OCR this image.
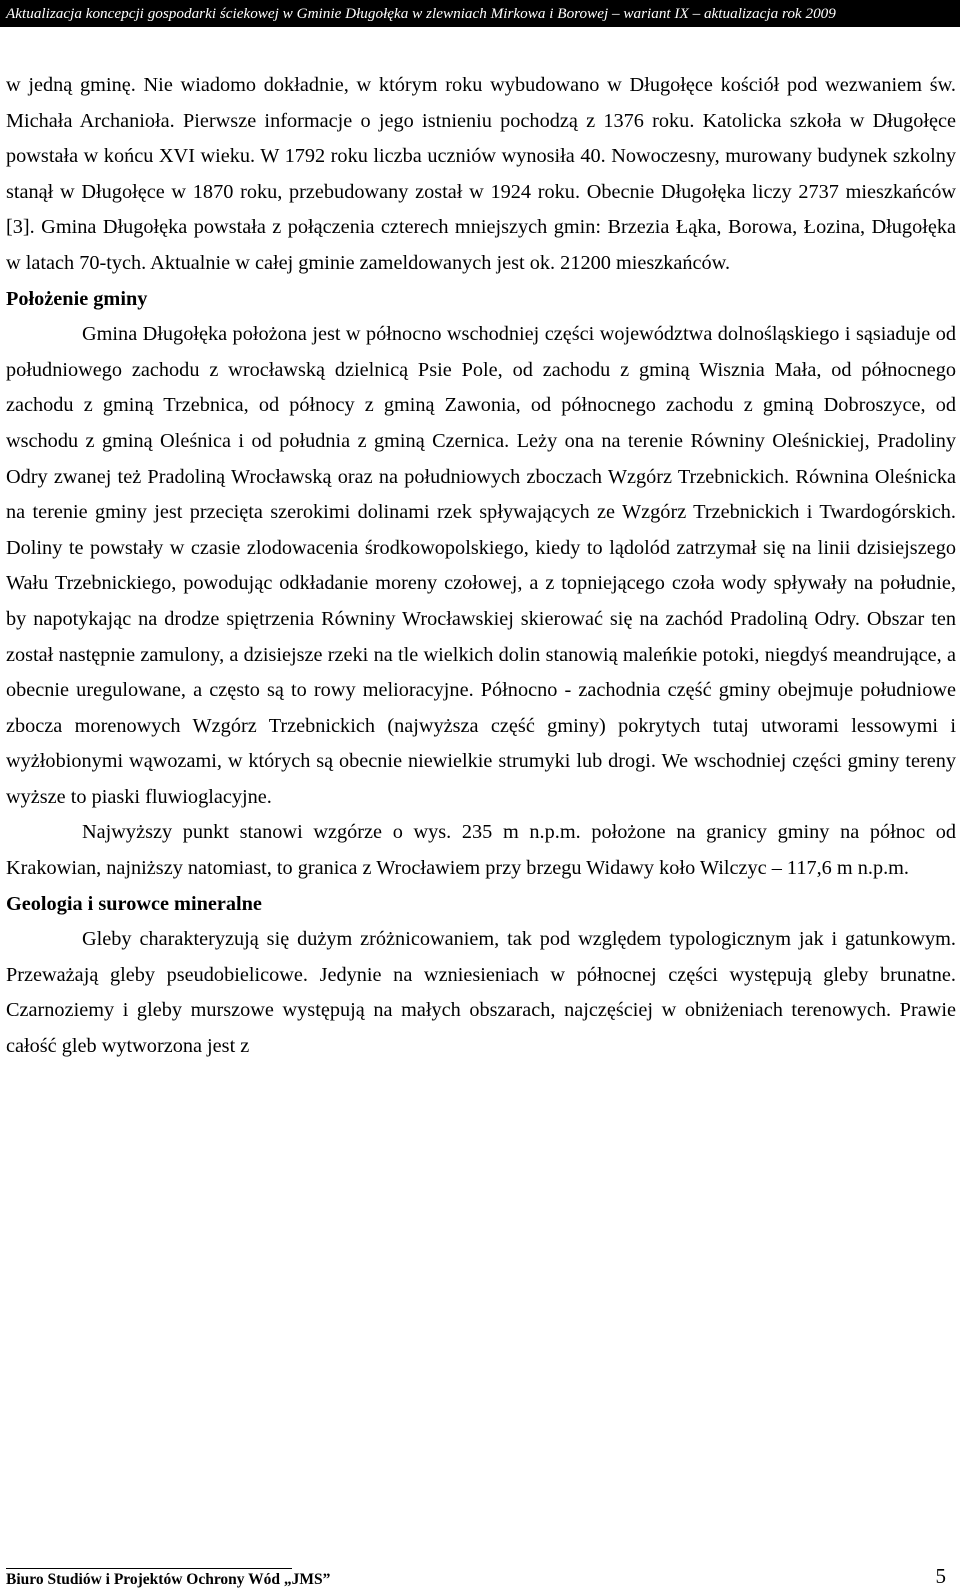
Aktualizacja koncepcji gospodarki ściekowej w Gminie Długołęka w zlewniach Mirkowa i Borowej – wariant IX – aktualizacja rok 2009

w jedną gminę. Nie wiadomo dokładnie, w którym roku wybudowano w Długołęce kościół pod wezwaniem św. Michała Archanioła. Pierwsze informacje o jego istnieniu pochodzą z 1376 roku. Katolicka szkoła w Długołęce powstała w końcu XVI wieku. W 1792 roku liczba uczniów wynosiła 40. Nowoczesny, murowany budynek szkolny stanął w Długołęce w 1870 roku, przebudowany został w 1924 roku. Obecnie Długołęka liczy 2737 mieszkańców [3]. Gmina Długołęka powstała z połączenia czterech mniejszych gmin: Brzezia Łąka, Borowa, Łozina, Długołęka w latach 70-tych. Aktualnie w całej gminie zameldowanych jest ok. 21200 mieszkańców.

Położenie gminy

Gmina Długołęka położona jest w północno wschodniej części województwa dolnośląskiego i sąsiaduje od południowego zachodu z wrocławską dzielnicą Psie Pole, od zachodu z gminą Wisznia Mała, od północnego zachodu z gminą Trzebnica, od północy z gminą Zawonia, od północnego zachodu z gminą Dobroszyce, od wschodu z gminą Oleśnica i od południa z gminą Czernica. Leży ona na terenie Równiny Oleśnickiej, Pradoliny Odry zwanej też Pradoliną Wrocławską oraz na południowych zboczach Wzgórz Trzebnickich. Równina Oleśnicka na terenie gminy jest przecięta szerokimi dolinami rzek spływających ze Wzgórz Trzebnickich i Twardogórskich. Doliny te powstały w czasie zlodowacenia środkowopolskiego, kiedy to lądolód zatrzymał się na linii dzisiejszego Wału Trzebnickiego, powodując odkładanie moreny czołowej, a z topniejącego czoła wody spływały na południe, by napotykając na drodze spiętrzenia Równiny Wrocławskiej skierować się na zachód Pradoliną Odry. Obszar ten został następnie zamulony, a dzisiejsze rzeki na tle wielkich dolin stanowią maleńkie potoki, niegdyś meandrujące, a obecnie uregulowane, a często są to rowy melioracyjne. Północno - zachodnia część gminy obejmuje południowe zbocza morenowych Wzgórz Trzebnickich (najwyższa część gminy) pokrytych tutaj utworami lessowymi i wyżłobionymi wąwozami, w których są obecnie niewielkie strumyki lub drogi. We wschodniej części gminy tereny wyższe to piaski fluwioglacyjne.

Najwyższy punkt stanowi wzgórze o wys. 235 m n.p.m. położone na granicy gminy na północ od Krakowian, najniższy natomiast, to granica z Wrocławiem przy brzegu Widawy koło Wilczyc – 117,6 m n.p.m.

Geologia i surowce mineralne

Gleby charakteryzują się dużym zróżnicowaniem, tak pod względem typologicznym jak i gatunkowym. Przeważają gleby pseudobielicowe. Jedynie na wzniesieniach w północnej części występują gleby brunatne. Czarnoziemy i gleby murszowe występują na małych obszarach, najczęściej w obniżeniach terenowych. Prawie całość gleb wytworzona jest z

Biuro Studiów i Projektów Ochrony Wód „JMS”	5
